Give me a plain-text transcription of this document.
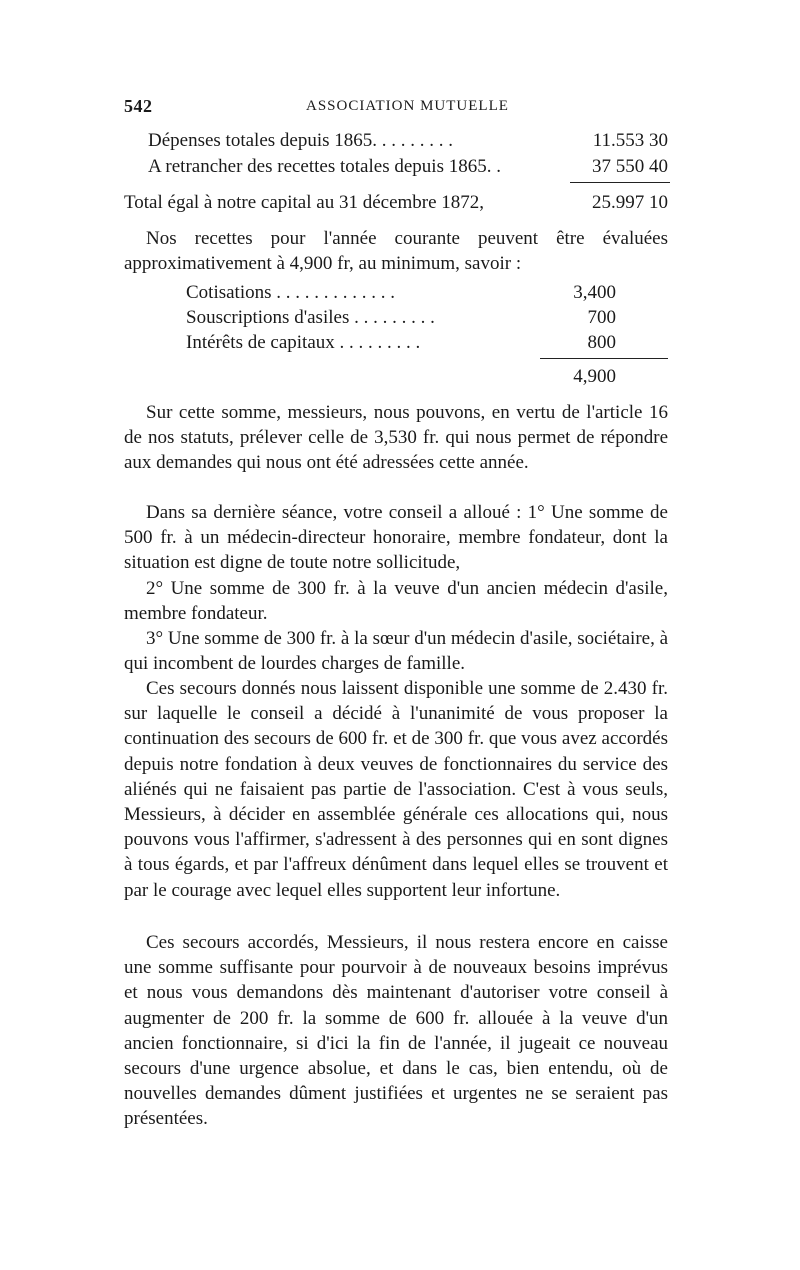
542	ASSOCIATION MUTUELLE
Dépenses totales depuis 1865. . . . . . . . .	11.553 30
A retrancher des recettes totales depuis 1865. .	37 550 40
Total égal à notre capital au 31 décembre 1872,	25.997 10

Nos recettes pour l'année courante peuvent être évaluées approximativement à 4,900 fr, au minimum, savoir :

Cotisations . . . . . . . . . . . . .	3,400
Souscriptions d'asiles . . . . . . . . .	700
Intérêts de capitaux . . . . . . . . .	800
4,900

Sur cette somme, messieurs, nous pouvons, en vertu de l'article 16 de nos statuts, prélever celle de 3,530 fr. qui nous permet de répondre aux demandes qui nous ont été adressées cette année.

Dans sa dernière séance, votre conseil a alloué : 1° Une somme de 500 fr. à un médecin-directeur honoraire, membre fondateur, dont la situation est digne de toute notre sollicitude,

2° Une somme de 300 fr. à la veuve d'un ancien médecin d'asile, membre fondateur.

3° Une somme de 300 fr. à la sœur d'un médecin d'asile, sociétaire, à qui incombent de lourdes charges de famille.

Ces secours donnés nous laissent disponible une somme de 2.430 fr. sur laquelle le conseil a décidé à l'unanimité de vous proposer la continuation des secours de 600 fr. et de 300 fr. que vous avez accordés depuis notre fondation à deux veuves de fonctionnaires du service des aliénés qui ne faisaient pas partie de l'association. C'est à vous seuls, Messieurs, à décider en assemblée générale ces allocations qui, nous pouvons vous l'affirmer, s'adressent à des personnes qui en sont dignes à tous égards, et par l'affreux dénûment dans lequel elles se trouvent et par le courage avec lequel elles supportent leur infortune.

Ces secours accordés, Messieurs, il nous restera encore en caisse une somme suffisante pour pourvoir à de nouveaux besoins imprévus et nous vous demandons dès maintenant d'autoriser votre conseil à augmenter de 200 fr. la somme de 600 fr. allouée à la veuve d'un ancien fonctionnaire, si d'ici la fin de l'année, il jugeait ce nouveau secours d'une urgence absolue, et dans le cas, bien entendu, où de nouvelles demandes dûment justifiées et urgentes ne se seraient pas présentées.
